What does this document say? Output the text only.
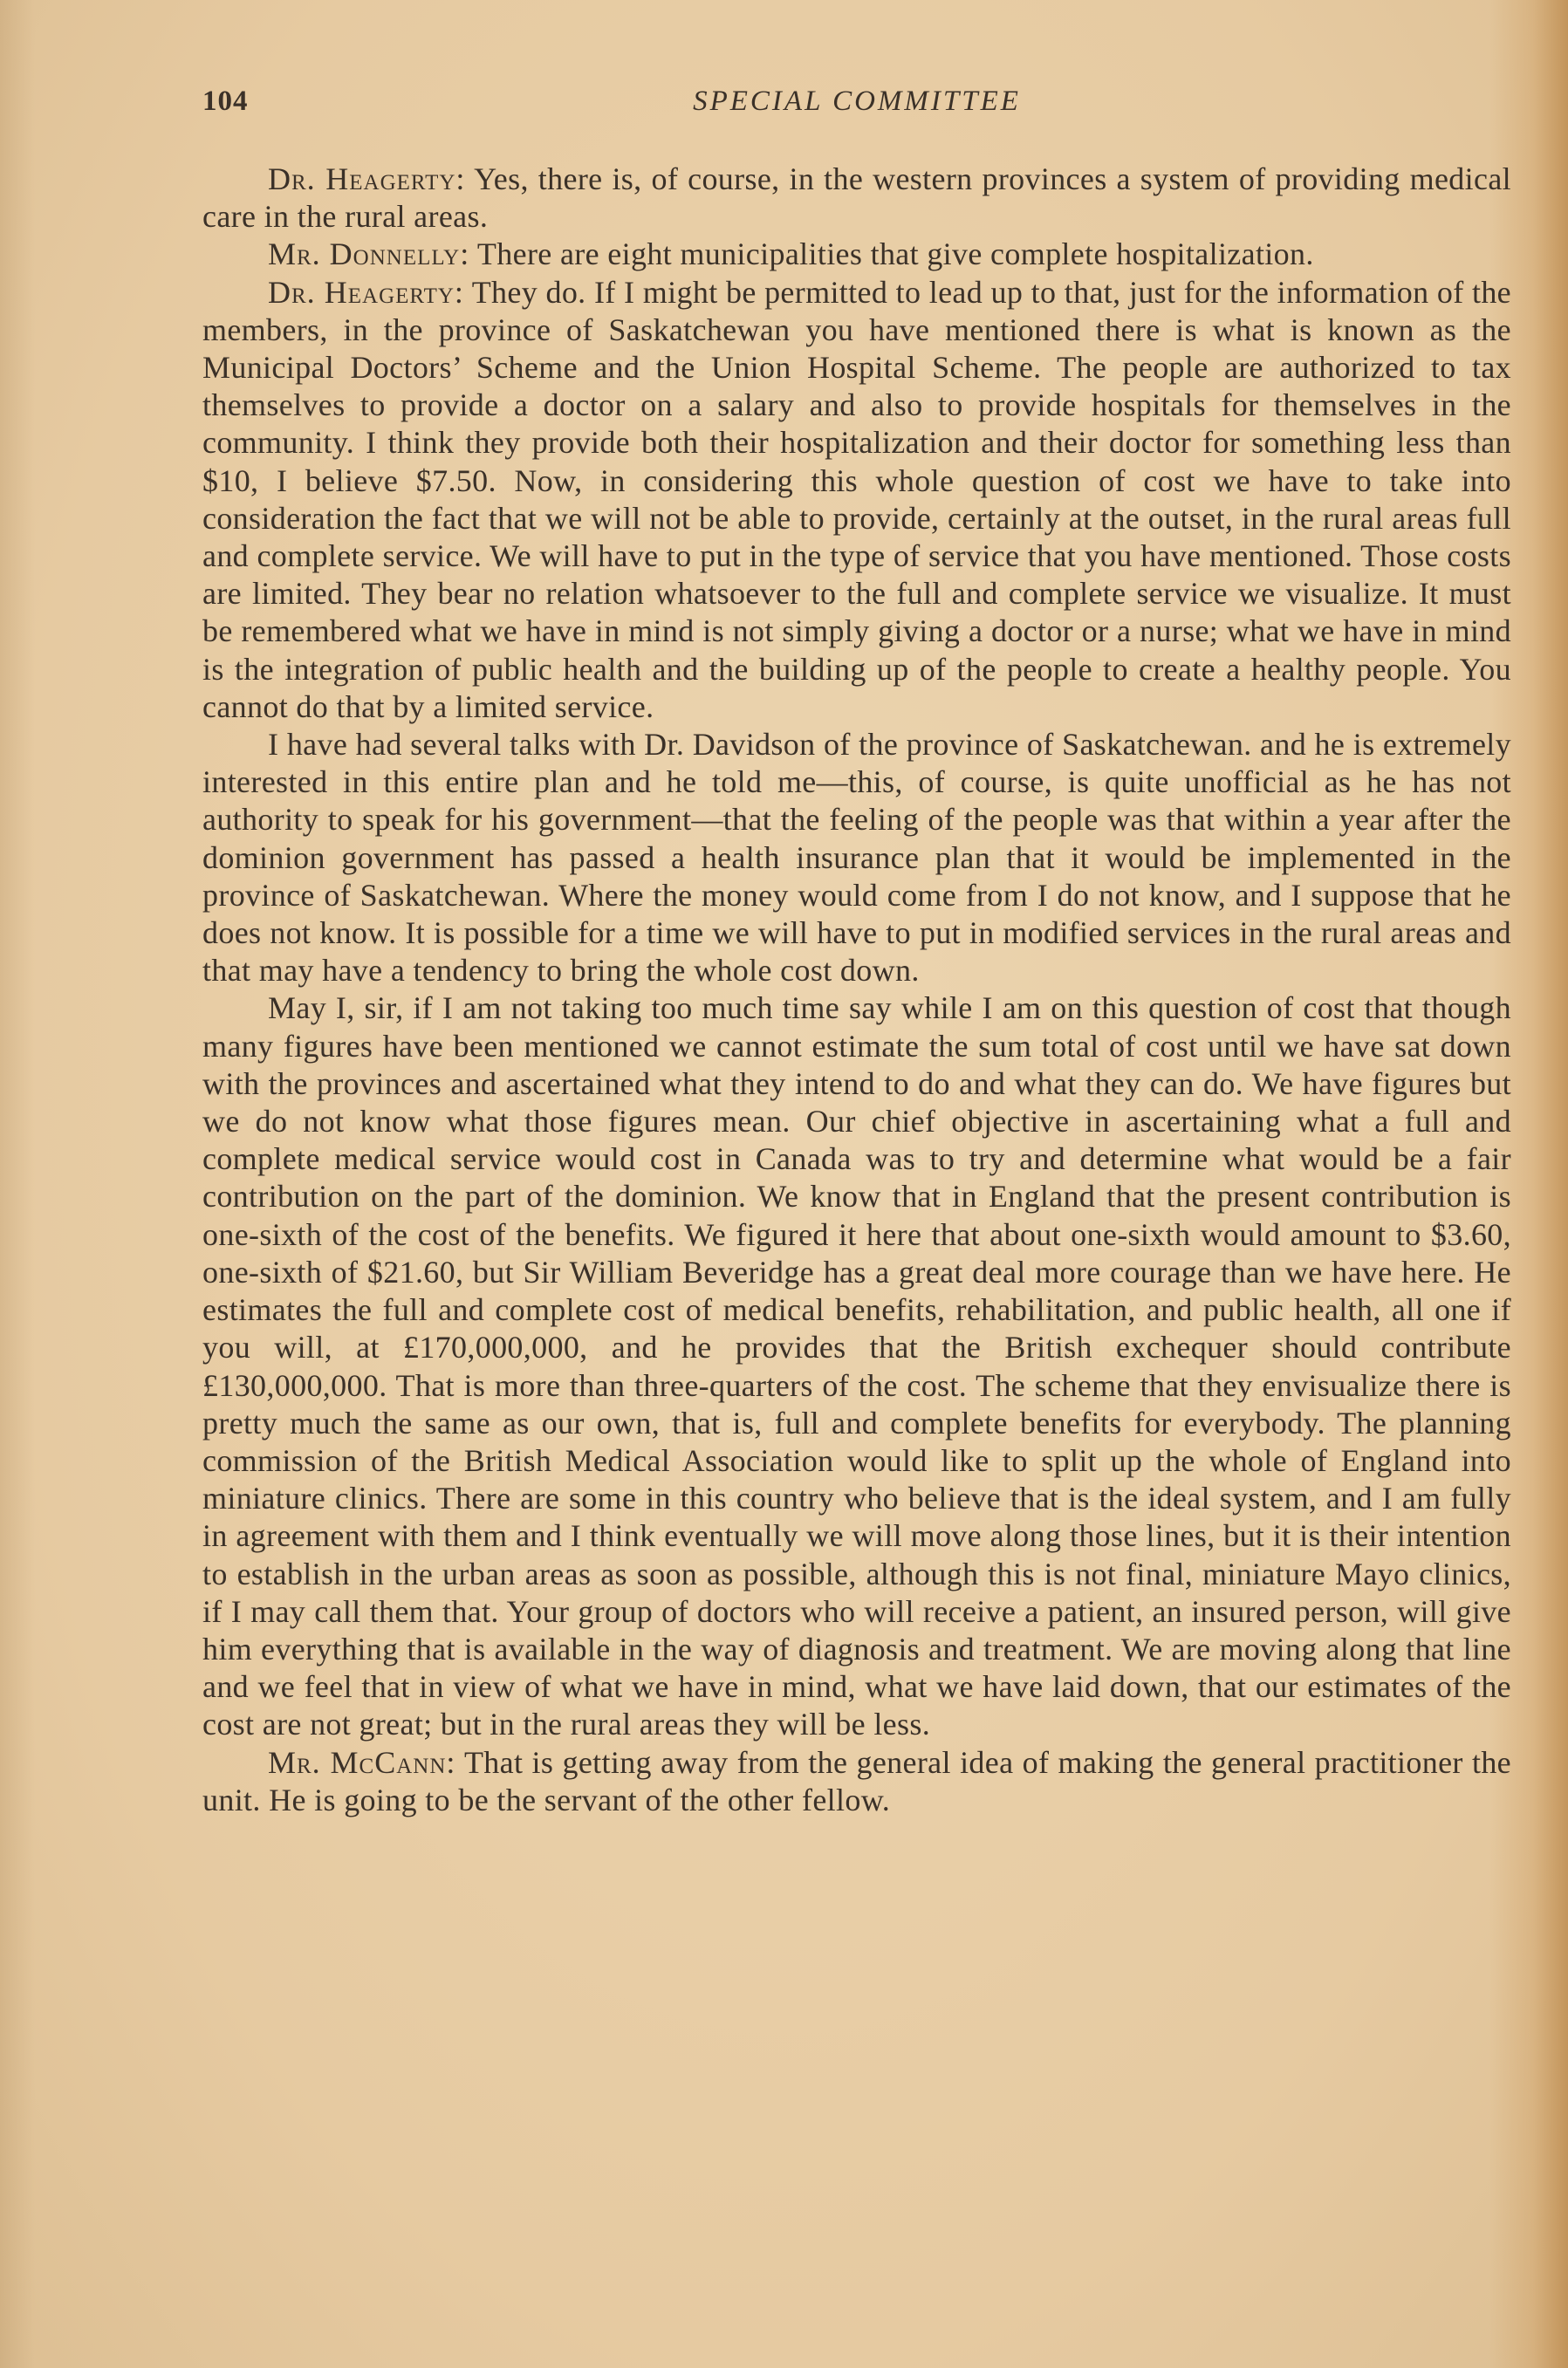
104	SPECIAL COMMITTEE

Dr. Heagerty: Yes, there is, of course, in the western provinces a system of providing medical care in the rural areas.

Mr. Donnelly: There are eight municipalities that give complete hospitalization.

Dr. Heagerty: They do. If I might be permitted to lead up to that, just for the information of the members, in the province of Saskatchewan you have mentioned there is what is known as the Municipal Doctors’ Scheme and the Union Hospital Scheme. The people are authorized to tax themselves to provide a doctor on a salary and also to provide hospitals for themselves in the community. I think they provide both their hospitalization and their doctor for something less than $10, I believe $7.50. Now, in considering this whole question of cost we have to take into consideration the fact that we will not be able to provide, certainly at the outset, in the rural areas full and complete service. We will have to put in the type of service that you have mentioned. Those costs are limited. They bear no relation whatsoever to the full and complete service we visualize. It must be remembered what we have in mind is not simply giving a doctor or a nurse; what we have in mind is the integration of public health and the building up of the people to create a healthy people. You cannot do that by a limited service.

I have had several talks with Dr. Davidson of the province of Saskatchewan. and he is extremely interested in this entire plan and he told me—this, of course, is quite unofficial as he has not authority to speak for his government—that the feeling of the people was that within a year after the dominion government has passed a health insurance plan that it would be implemented in the province of Saskatchewan. Where the money would come from I do not know, and I suppose that he does not know. It is possible for a time we will have to put in modified services in the rural areas and that may have a tendency to bring the whole cost down.

May I, sir, if I am not taking too much time say while I am on this question of cost that though many figures have been mentioned we cannot estimate the sum total of cost until we have sat down with the provinces and ascertained what they intend to do and what they can do. We have figures but we do not know what those figures mean. Our chief objective in ascertaining what a full and complete medical service would cost in Canada was to try and determine what would be a fair contribution on the part of the dominion. We know that in England that the present contribution is one-sixth of the cost of the benefits. We figured it here that about one-sixth would amount to $3.60, one-sixth of $21.60, but Sir William Beveridge has a great deal more courage than we have here. He estimates the full and complete cost of medical benefits, rehabilitation, and public health, all one if you will, at £170,000,000, and he provides that the British exchequer should contribute £130,000,000. That is more than three-quarters of the cost. The scheme that they envisualize there is pretty much the same as our own, that is, full and complete benefits for everybody. The planning commission of the British Medical Association would like to split up the whole of England into miniature clinics. There are some in this country who believe that is the ideal system, and I am fully in agreement with them and I think eventually we will move along those lines, but it is their intention to establish in the urban areas as soon as possible, although this is not final, miniature Mayo clinics, if I may call them that. Your group of doctors who will receive a patient, an insured person, will give him everything that is available in the way of diagnosis and treatment. We are moving along that line and we feel that in view of what we have in mind, what we have laid down, that our estimates of the cost are not great; but in the rural areas they will be less.

Mr. McCann: That is getting away from the general idea of making the general practitioner the unit. He is going to be the servant of the other fellow.
